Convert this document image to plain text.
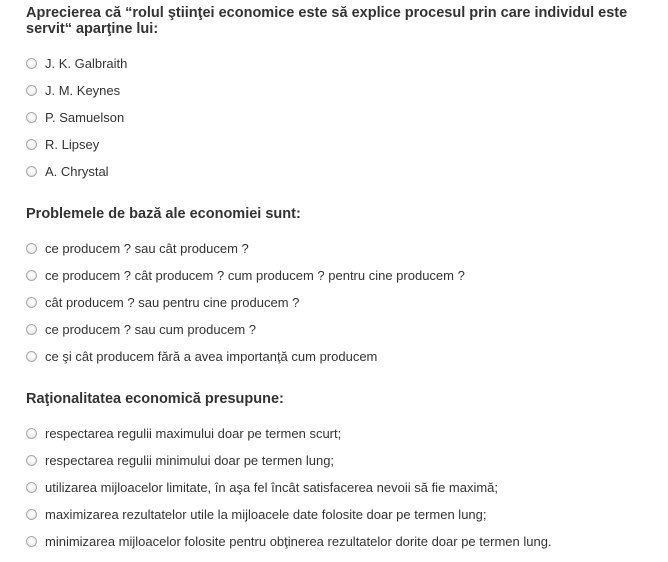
Aprecierea că “rolul ştiinţei economice este să explice procesul prin care individul este servit“ aparţine lui:
J. K. Galbraith
J. M. Keynes
P. Samuelson
R. Lipsey
A. Chrystal
Problemele de bază ale economiei sunt:
ce producem ? sau cât producem ?
ce producem ? cât producem ? cum producem ? pentru cine producem ?
cât producem ? sau pentru cine producem ?
ce producem ? sau cum producem ?
ce şi cât producem fără a avea importanţă cum producem
Raţionalitatea economică presupune:
respectarea regulii maximului doar pe termen scurt;
respectarea regulii minimului doar pe termen lung;
utilizarea mijloacelor limitate, în aşa fel încât satisfacerea nevoii să fie maximă;
maximizarea rezultatelor utile la mijloacele date folosite doar pe termen lung;
minimizarea mijloacelor folosite pentru obţinerea rezultatelor dorite doar pe termen lung.
